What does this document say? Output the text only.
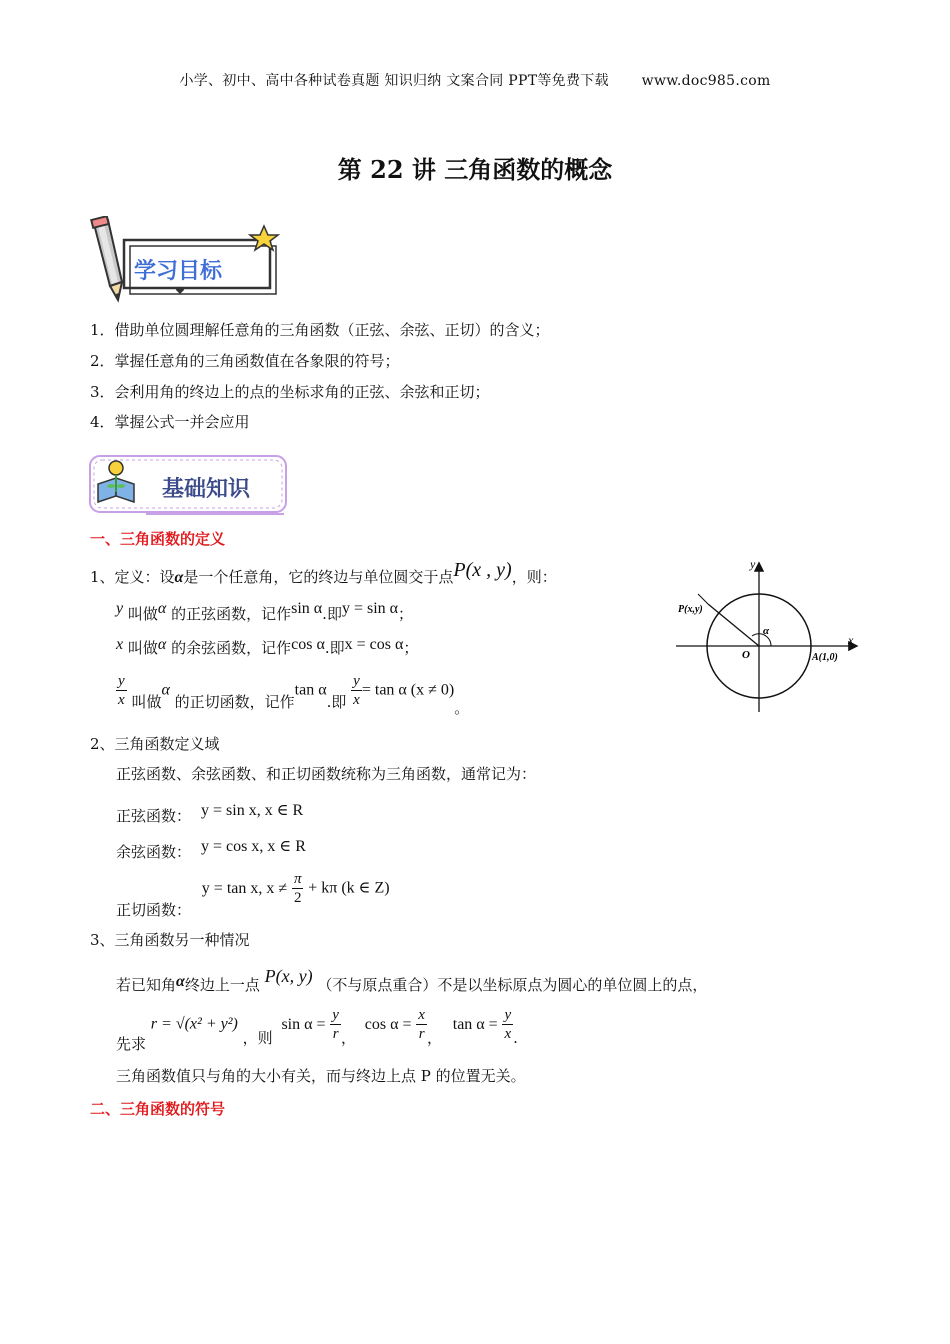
小学、初中、高中各种试卷真题 知识归纳 文案合同 PPT等免费下载 www.doc985.com
第 22 讲 三角函数的概念
学习目标
1．借助单位圆理解任意角的三角函数（正弦、余弦、正切）的含义；
2．掌握任意角的三角函数值在各象限的符号；
3．会利用角的终边上的点的坐标求角的正弦、余弦和正切；
4．掌握公式一并会应用
基础知识
一、三角函数的定义
1、定义：设α是一个任意角，它的终边与单位圆交于点P(x , y)，则：
y 叫做α 的正弦函数，记作sin α.即y = sin α；
x 叫做α 的余弦函数，记作cos α.即x = cos α；
$\frac{y}{x}$ 叫做α 的正切函数，记作tan α.即 $\frac{y}{x} = \tan \alpha$ (x ≠ 0)。
y
x
O
P(x,y)
A(1,0)
α
2、三角函数定义域
正弦函数、余弦函数、和正切函数统称为三角函数，通常记为：
正弦函数： y = sin x, x ∈ R
余弦函数： y = cos x, x ∈ R
正切函数： y = tan x, $x \ne \frac{\pi}{2} + k\pi$ (k ∈ Z)
3、三角函数另一种情况
若已知角α终边上一点 P(x, y) （不与原点重合）不是以坐标原点为圆心的单位圆上的点，
先求 r = √(x² + y²) ，则 $\sin \alpha = \frac{y}{r}$ ， $\cos \alpha = \frac{x}{r}$ ， $\tan \alpha = \frac{y}{x}$ .
三角函数值只与角的大小有关，而与终边上点 P 的位置无关。
二、三角函数的符号
